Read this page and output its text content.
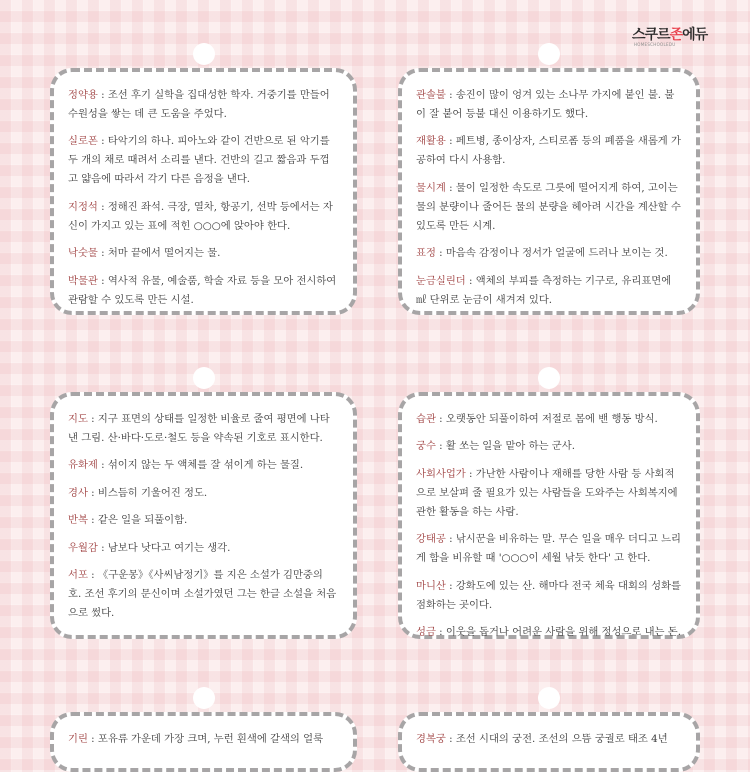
스쿠르존에듀
HOMESCHOOLEDU
정약용 : 조선 후기 실학을 집대성한 학자. 거중기를 만들어 수원성을 쌓는 데 큰 도움을 주었다.
실로폰 : 타악기의 하나. 피아노와 같이 건반으로 된 악기를 두 개의 채로 때려서 소리를 낸다. 건반의 길고 짧음과 두껍고 얇음에 따라서 각기 다른 음정을 낸다.
지정석 : 정해진 좌석. 극장, 열차, 항공기, 선박 등에서는 자신이 가지고 있는 표에 적힌 ○○○에 앉아야 한다.
낙숫물 : 처마 끝에서 떨어지는 물.
박물관 : 역사적 유물, 예술품, 학술 자료 등을 모아 전시하여 관람할 수 있도록 만든 시설.
관솔불 : 송진이 많이 엉겨 있는 소나무 가지에 붙인 불. 불이 잘 붙어 등불 대신 이용하기도 했다.
재활용 : 페트병, 종이상자, 스티로폼 등의 폐품을 새롭게 가공하여 다시 사용함.
물시계 : 물이 일정한 속도로 그릇에 떨어지게 하여, 고이는 물의 분량이나 줄어든 물의 분량을 헤아려 시간을 계산할 수 있도록 만든 시계.
표정 : 마음속 감정이나 정서가 얼굴에 드러나 보이는 것.
눈금실린더 : 액체의 부피를 측정하는 기구로, 유리표면에 ㎖ 단위로 눈금이 새겨져 있다.
지도 : 지구 표면의 상태를 일정한 비율로 줄여 평면에 나타낸 그림. 산·바다·도로·철도 등을 약속된 기호로 표시한다.
유화제 : 섞이지 않는 두 액체를 잘 섞이게 하는 물질.
경사 : 비스듬히 기울어진 정도.
반복 : 같은 일을 되풀이함.
우월감 : 남보다 낫다고 여기는 생각.
서포 : 《구운몽》《사씨남정기》를 지은 소설가 김만중의 호. 조선 후기의 문신이며 소설가였던 그는 한글 소설을 처음으로 썼다.
습관 : 오랫동안 되풀이하여 저절로 몸에 밴 행동 방식.
궁수 : 활 쏘는 일을 맡아 하는 군사.
사회사업가 : 가난한 사람이나 재해를 당한 사람 등 사회적으로 보살펴 줄 필요가 있는 사람들을 도와주는 사회복지에 관한 활동을 하는 사람.
강태공 : 낚시꾼을 비유하는 말. 무슨 일을 매우 더디고 느리게 함을 비유할 때 '○○○이 세월 낚듯 한다' 고 한다.
마니산 : 강화도에 있는 산. 해마다 전국 체육 대회의 성화를 점화하는 곳이다.
성금 : 이웃을 돕거나 어려운 사람을 위해 정성으로 내는 돈.
기린 : 포유류 가운데 가장 크며, 누런 흰색에 갈색의 얼룩	경복궁 : 조선 시대의 궁전. 조선의 으뜸 궁궐로 태조 4년
